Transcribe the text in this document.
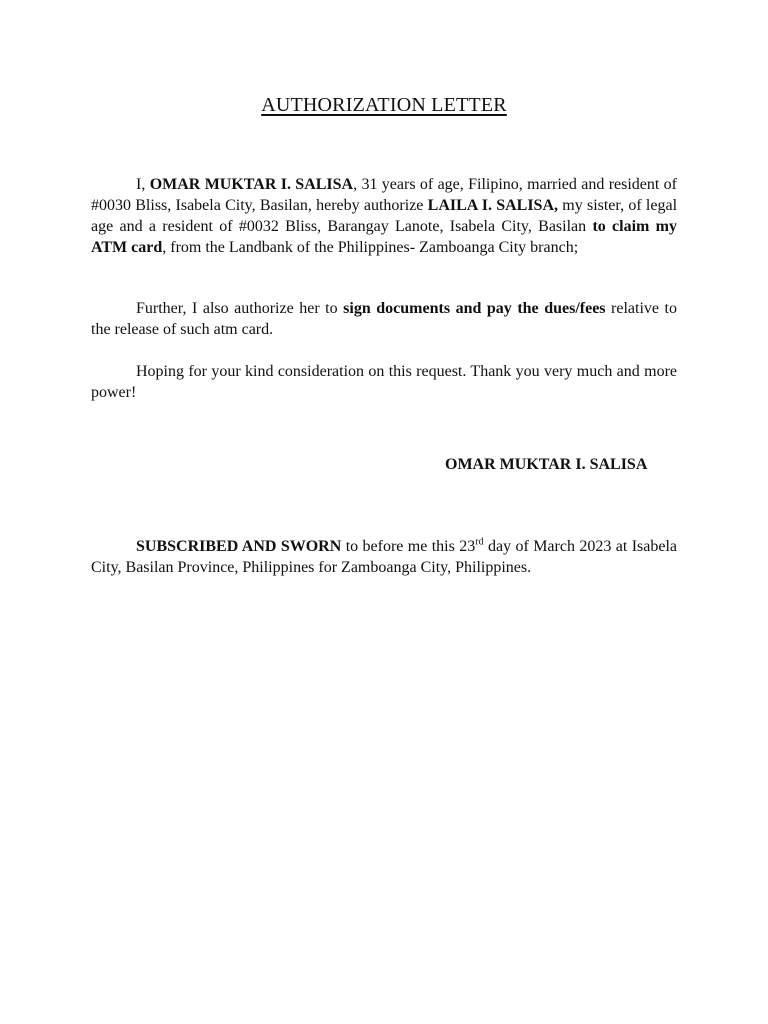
AUTHORIZATION LETTER

I, OMAR MUKTAR I. SALISA, 31 years of age, Filipino, married and resident of #0030 Bliss, Isabela City, Basilan, hereby authorize LAILA I. SALISA, my sister, of legal age and a resident of #0032 Bliss, Barangay Lanote, Isabela City, Basilan to claim my ATM card, from the Landbank of the Philippines- Zamboanga City branch;

Further, I also authorize her to sign documents and pay the dues/fees relative to the release of such atm card.

Hoping for your kind consideration on this request. Thank you very much and more power!

OMAR MUKTAR I. SALISA

SUBSCRIBED AND SWORN to before me this 23rd day of March 2023 at Isabela City, Basilan Province, Philippines for Zamboanga City, Philippines.
